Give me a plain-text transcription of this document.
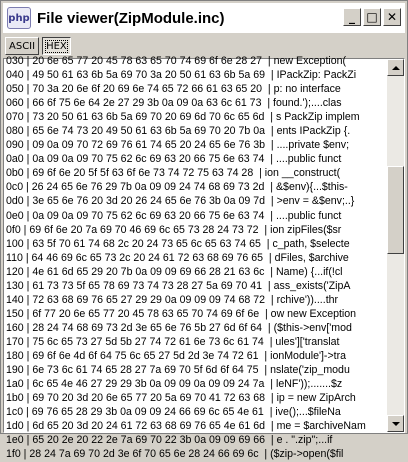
php File viewer(ZipModule.inc)	_ □ ✕
ASCII HEX
030 | 20 6e 65 77 20 45 78 63 65 70 74 69 6f 6e 28 27  | new Exception(
040 | 49 50 61 63 6b 5a 69 70 3a 20 50 61 63 6b 5a 69  | IPackZip: PackZi
050 | 70 3a 20 6e 6f 20 69 6e 74 65 72 66 61 63 65 20  | p: no interface
060 | 66 6f 75 6e 64 2e 27 29 3b 0a 09 0a 63 6c 61 73  | found.');....clas
070 | 73 20 50 61 63 6b 5a 69 70 20 69 6d 70 6c 65 6d  | s PackZip implem
080 | 65 6e 74 73 20 49 50 61 63 6b 5a 69 70 20 7b 0a  | ents IPackZip {.
090 | 09 0a 09 70 72 69 76 61 74 65 20 24 65 6e 76 3b  | ....private $env;
0a0 | 0a 09 0a 09 70 75 62 6c 69 63 20 66 75 6e 63 74  | ....public funct
0b0 | 69 6f 6e 20 5f 5f 63 6f 6e 73 74 72 75 63 74 28  | ion __construct(
0c0 | 26 24 65 6e 76 29 7b 0a 09 09 24 74 68 69 73 2d  | &$env){...$this-
0d0 | 3e 65 6e 76 20 3d 20 26 24 65 6e 76 3b 0a 09 7d  | >env = &$env;..}
0e0 | 0a 09 0a 09 70 75 62 6c 69 63 20 66 75 6e 63 74  | ....public funct
0f0 | 69 6f 6e 20 7a 69 70 46 69 6c 65 73 28 24 73 72  | ion zipFiles($sr
100 | 63 5f 70 61 74 68 2c 20 24 73 65 6c 65 63 74 65  | c_path, $selecte
110 | 64 46 69 6c 65 73 2c 20 24 61 72 63 68 69 76 65  | dFiles, $archive
120 | 4e 61 6d 65 29 20 7b 0a 09 09 69 66 28 21 63 6c  | Name) {...if(!cl
130 | 61 73 73 5f 65 78 69 73 74 73 28 27 5a 69 70 41  | ass_exists('ZipA
140 | 72 63 68 69 76 65 27 29 29 0a 09 09 09 74 68 72  | rchive'))....thr
150 | 6f 77 20 6e 65 77 20 45 78 63 65 70 74 69 6f 6e  | ow new Exception
160 | 28 24 74 68 69 73 2d 3e 65 6e 76 5b 27 6d 6f 64  | ($this->env['mod
170 | 75 6c 65 73 27 5d 5b 27 74 72 61 6e 73 6c 61 74  | ules']['translat
180 | 69 6f 6e 4d 6f 64 75 6c 65 27 5d 2d 3e 74 72 61  | ionModule']->tra
190 | 6e 73 6c 61 74 65 28 27 7a 69 70 5f 6d 6f 64 75  | nslate('zip_modu
1a0 | 6c 65 4e 46 27 29 29 3b 0a 09 09 0a 09 09 24 7a  | leNF'));.......$z
1b0 | 69 70 20 3d 20 6e 65 77 20 5a 69 70 41 72 63 68  | ip = new ZipArch
1c0 | 69 76 65 28 29 3b 0a 09 09 24 66 69 6c 65 4e 61  | ive();...$fileNa
1d0 | 6d 65 20 3d 20 24 61 72 63 68 69 76 65 4e 61 6d  | me = $archiveNam
1e0 | 65 20 2e 20 22 2e 7a 69 70 22 3b 0a 09 09 69 66  | e . ".zip";...if
1f0 | 28 24 7a 69 70 2d 3e 6f 70 65 6e 28 24 66 69 6c  | ($zip->open($fil
